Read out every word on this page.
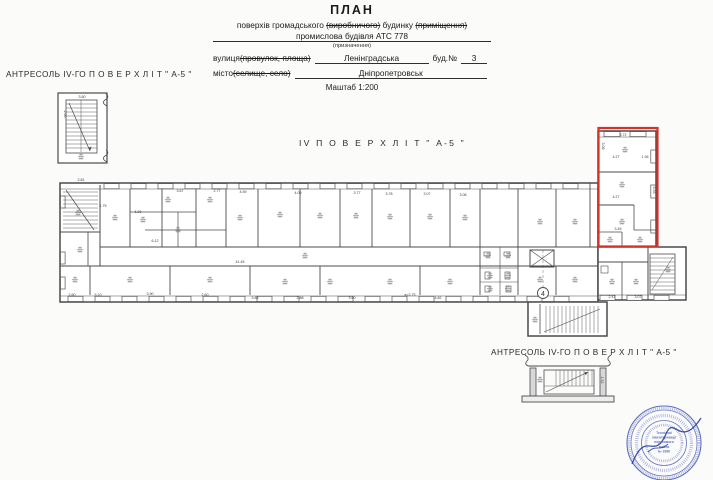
ПЛАН
поверхів громадського (виробничого) будинку (приміщення)
промислова будівля АТС 778
(призначення)
вулиця (провулок, площа)	Ленінградська	буд.№	3
місто (селище, село)	Дніпропетровськ
Маштаб 1:200
АНТРЕСОЛЬ IV-ГО П О В Е Р Х Л І Т " А-5 "
IV П О В Е Р Х Л І Т " А-5 "
АНТРЕСОЛЬ IV-ГО П О В Е Р Х Л І Т " А-5 "
4
3.80
2.60
2.81
1.75
1.21
6.12
3.67	2.77	4.59	4.05	3.77	3.78	3.07	3.08
41.45
2.60	5.10	3.90	2.60
3.86	2.88	3.60
в=3.75
4.82
5.72
4.27	1.36
4.27
3.45
8.53
3.08
2.47	3.07
1.52
Технічної
інвентаризації
нерухомого
майна
№ 3390
